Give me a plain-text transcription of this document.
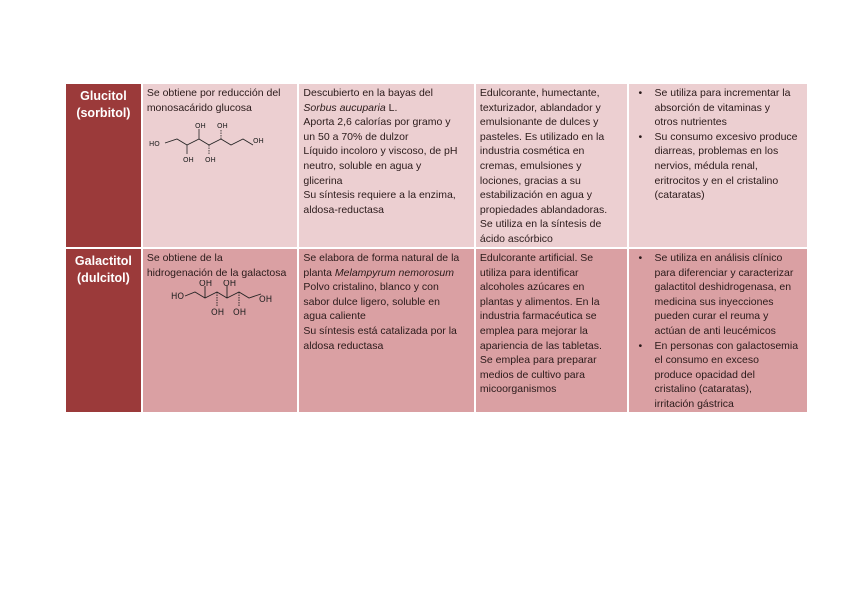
Glucitol
(sorbitol)
Se obtiene por reducción del
monosacárido glucosa
HO
OH OH
OH
OH OH
Descubierto en la bayas del
Sorbus aucuparia L.
Aporta 2,6 calorías por gramo y
un 50 a 70% de dulzor
Líquido incoloro y viscoso, de pH
neutro, soluble en agua y
glicerina
Su síntesis requiere a la enzima,
aldosa-reductasa
Edulcorante, humectante,
texturizador, ablandador y
emulsionante de dulces y
pasteles. Es utilizado en la
industria cosmética en
cremas, emulsiones y
lociones, gracias a su
estabilización en agua y
propiedades ablandadoras.
Se utiliza en la síntesis de
ácido ascórbico
• Se utiliza para incrementar la
absorción de vitaminas y
otros nutrientes
• Su consumo excesivo produce
diarreas, problemas en los
nervios, médula renal,
eritrocitos y en el cristalino
(cataratas)
Galactitol
(dulcitol)
Se obtiene de la
hidrogenación de la galactosa
HO
OH OH
OH
OH OH
Se elabora de forma natural de la
planta Melampyrum nemorosum
Polvo cristalino, blanco y con
sabor dulce ligero, soluble en
agua caliente
Su síntesis está catalizada por la
aldosa reductasa
Edulcorante artificial. Se
utiliza para identificar
alcoholes azúcares en
plantas y alimentos. En la
industria farmacéutica se
emplea para mejorar la
apariencia de las tabletas.
Se emplea para preparar
medios de cultivo para
micoorganismos
• Se utiliza en análisis clínico
para diferenciar y caracterizar
galactitol deshidrogenasa, en
medicina sus inyecciones
pueden curar el reuma y
actúan de anti leucémicos
• En personas con galactosemia
el consumo en exceso
produce opacidad del
cristalino (cataratas),
irritación gástrica
